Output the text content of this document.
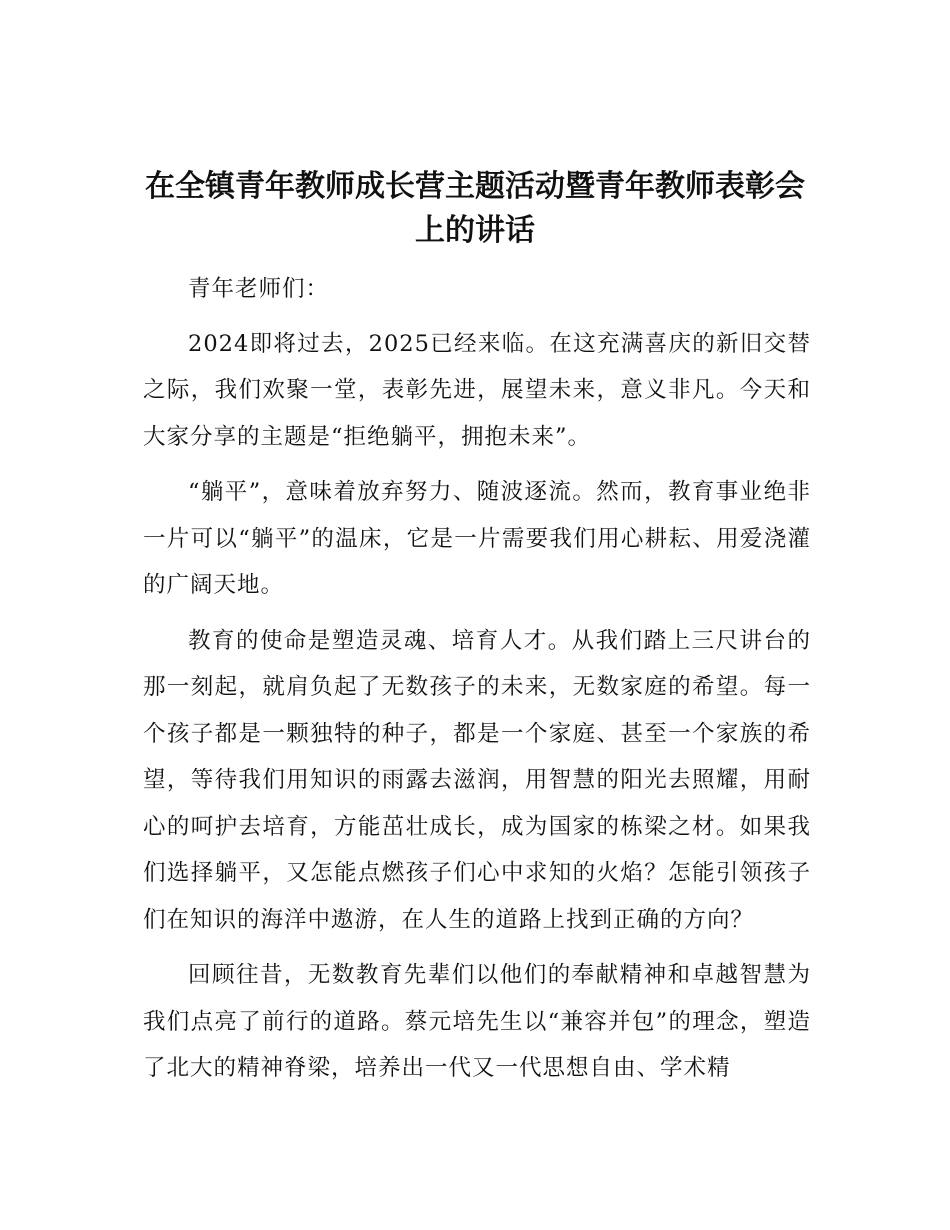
在全镇青年教师成长营主题活动暨青年教师表彰会上的讲话

青年老师们：

2024即将过去，2025已经来临。在这充满喜庆的新旧交替之际，我们欢聚一堂，表彰先进，展望未来，意义非凡。今天和大家分享的主题是“拒绝躺平，拥抱未来”。

“躺平”，意味着放弃努力、随波逐流。然而，教育事业绝非一片可以“躺平”的温床，它是一片需要我们用心耕耘、用爱浇灌的广阔天地。

教育的使命是塑造灵魂、培育人才。从我们踏上三尺讲台的那一刻起，就肩负起了无数孩子的未来，无数家庭的希望。每一个孩子都是一颗独特的种子，都是一个家庭、甚至一个家族的希望，等待我们用知识的雨露去滋润，用智慧的阳光去照耀，用耐心的呵护去培育，方能茁壮成长，成为国家的栋梁之材。如果我们选择躺平，又怎能点燃孩子们心中求知的火焰？怎能引领孩子们在知识的海洋中遨游，在人生的道路上找到正确的方向？

回顾往昔，无数教育先辈们以他们的奉献精神和卓越智慧为我们点亮了前行的道路。蔡元培先生以“兼容并包”的理念，塑造了北大的精神脊梁，培养出一代又一代思想自由、学术精
